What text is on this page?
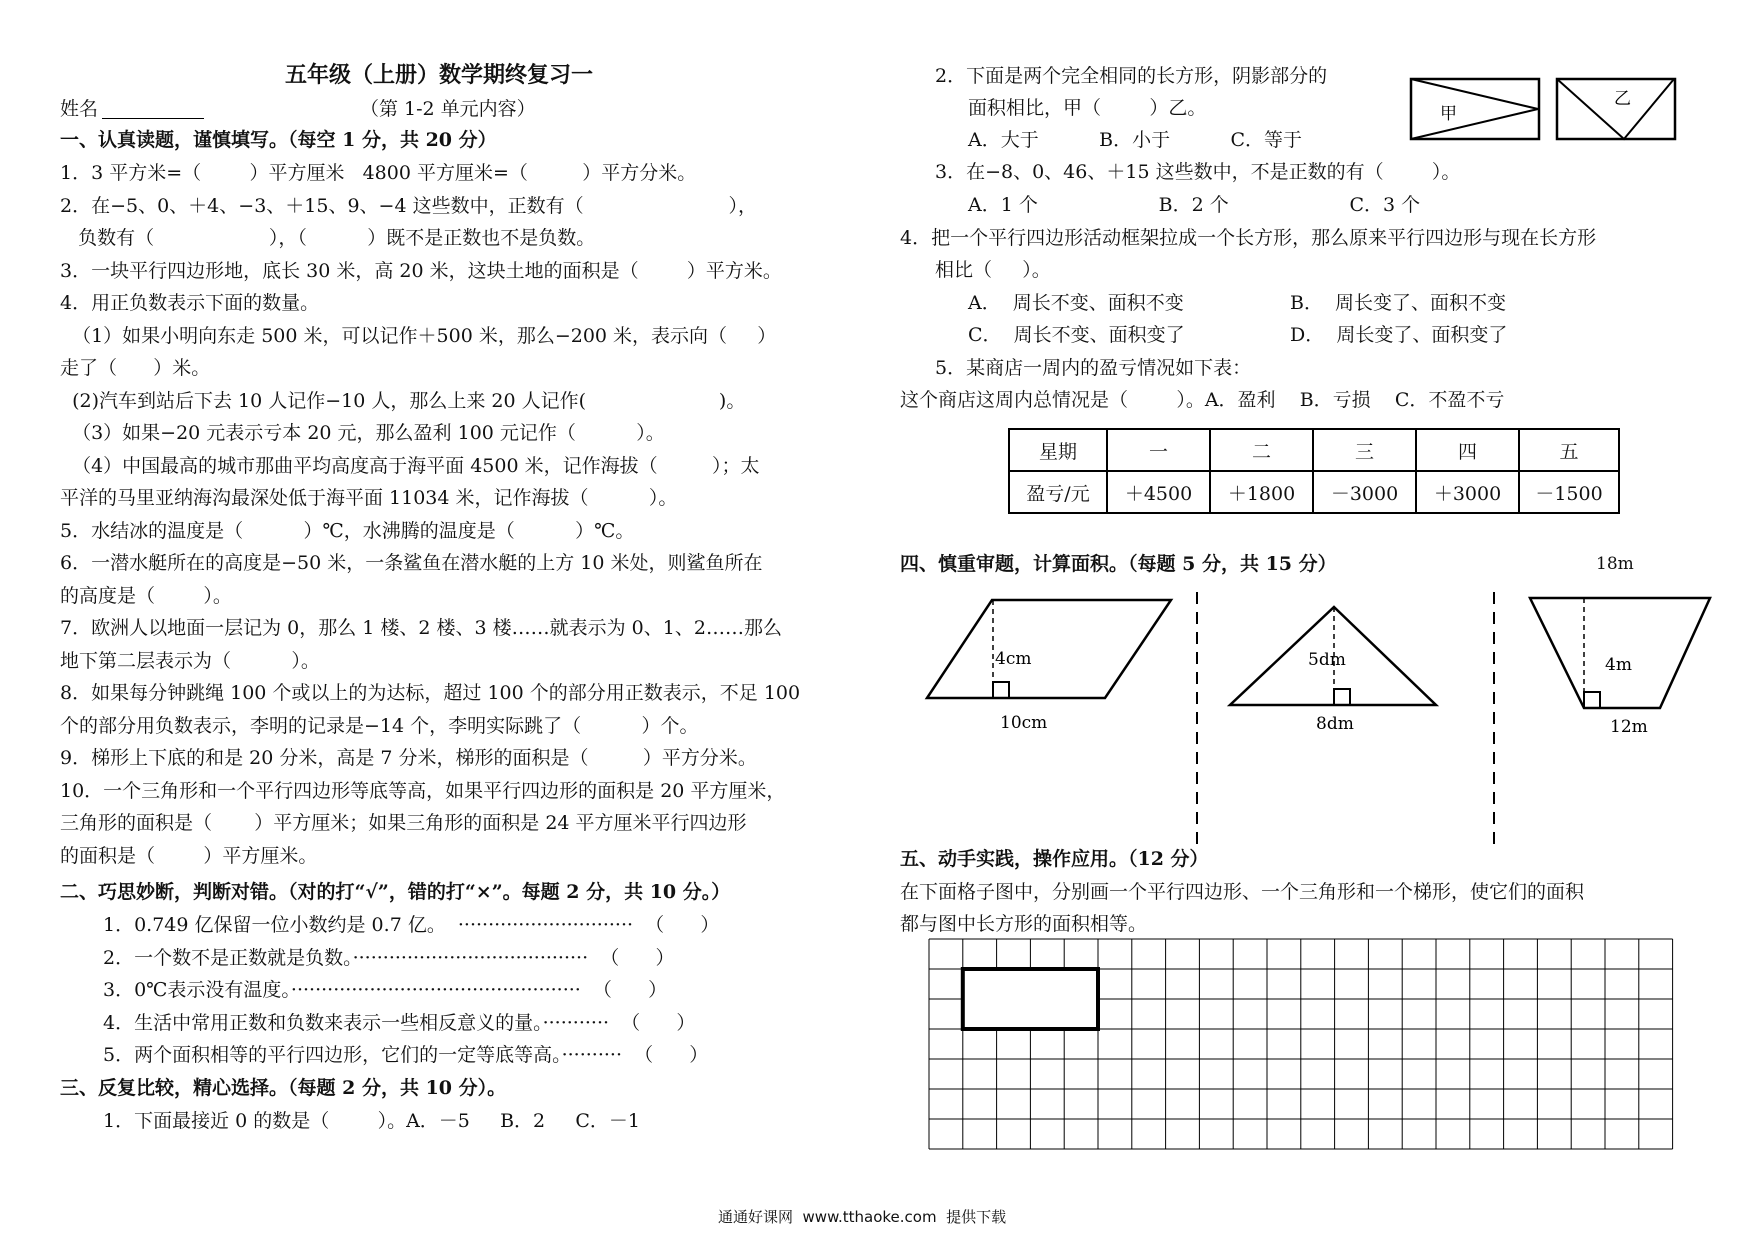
五年级（上册）数学期终复习一
姓名	（第 1-2 单元内容）
一、认真读题，谨慎填写。（每空 1 分，共 20 分）
1．3 平方米=（        ）平方厘米   4800 平方厘米=（         ）平方分米。
2．在−5、0、＋4、−3、＋15、9、−4 这些数中，正数有（                        ），
负数有（                   ），（          ）既不是正数也不是负数。
3．一块平行四边形地，底长 30 米，高 20 米，这块土地的面积是（        ）平方米。
4．用正负数表示下面的数量。
（1）如果小明向东走 500 米，可以记作＋500 米，那么−200 米，表示向（     ）
走了（      ）米。
(2)汽车到站后下去 10 人记作−10 人，那么上来 20 人记作(                      )。
（3）如果−20 元表示亏本 20 元，那么盈利 100 元记作（          ）。
（4）中国最高的城市那曲平均高度高于海平面 4500 米，记作海拔（         ）；太
平洋的马里亚纳海沟最深处低于海平面 11034 米，记作海拔（          ）。
5．水结冰的温度是（          ）℃，水沸腾的温度是（          ）℃。
6．一潜水艇所在的高度是−50 米，一条鲨鱼在潜水艇的上方 10 米处，则鲨鱼所在
的高度是（        ）。
7．欧洲人以地面一层记为 0，那么 1 楼、2 楼、3 楼……就表示为 0、1、2……那么
地下第二层表示为（          ）。
8．如果每分钟跳绳 100 个或以上的为达标，超过 100 个的部分用正数表示，不足 100
个的部分用负数表示，李明的记录是−14 个，李明实际跳了（          ）个。
9．梯形上下底的和是 20 分米，高是 7 分米，梯形的面积是（         ）平方分米。
10．一个三角形和一个平行四边形等底等高，如果平行四边形的面积是 20 平方厘米，
三角形的面积是（       ）平方厘米；如果三角形的面积是 24 平方厘米平行四边形
的面积是（        ）平方厘米。
二、巧思妙断，判断对错。（对的打“√”，错的打“×”。每题 2 分，共 10 分。）
1．0.749 亿保留一位小数约是 0.7 亿。  ·····························  （      ）
2．一个数不是正数就是负数。·······································  （      ）
3．0℃表示没有温度。················································  （      ）
4．生活中常用正数和负数来表示一些相反意义的量。···········  （      ）
5．两个面积相等的平行四边形，它们的一定等底等高。··········  （      ）
三、反复比较，精心选择。（每题 2 分，共 10 分）。
1．下面最接近 0 的数是（        ）。A．－5     B．2     C．－1
2．下面是两个完全相同的长方形，阴影部分的
面积相比，甲（        ）乙。
A．大于          B．小于          C．等于
甲
乙
3．在−8、0、46、＋15 这些数中，不是正数的有（        ）。
A．1 个                    B．2 个                    C．3 个
4．把一个平行四边形活动框架拉成一个长方形，那么原来平行四边形与现在长方形
相比（     ）。
A．  周长不变、面积不变	B．  周长变了、面积不变
C．  周长不变、面积变了	D．  周长变了、面积变了
5．某商店一周内的盈亏情况如下表：
这个商店这周内总情况是（        ）。A．盈利    B．亏损    C．不盈不亏
星期	一	二	三	四	五
盈亏/元	＋4500	＋1800	－3000	＋3000	－1500
四、慎重审题，计算面积。（每题 5 分，共 15 分）	18m
4cm
10cm
5dm
8dm
4m
12m
五、动手实践，操作应用。（12 分）
在下面格子图中，分别画一个平行四边形、一个三角形和一个梯形，使它们的面积
都与图中长方形的面积相等。
通通好课网  www.tthaoke.com  提供下载
